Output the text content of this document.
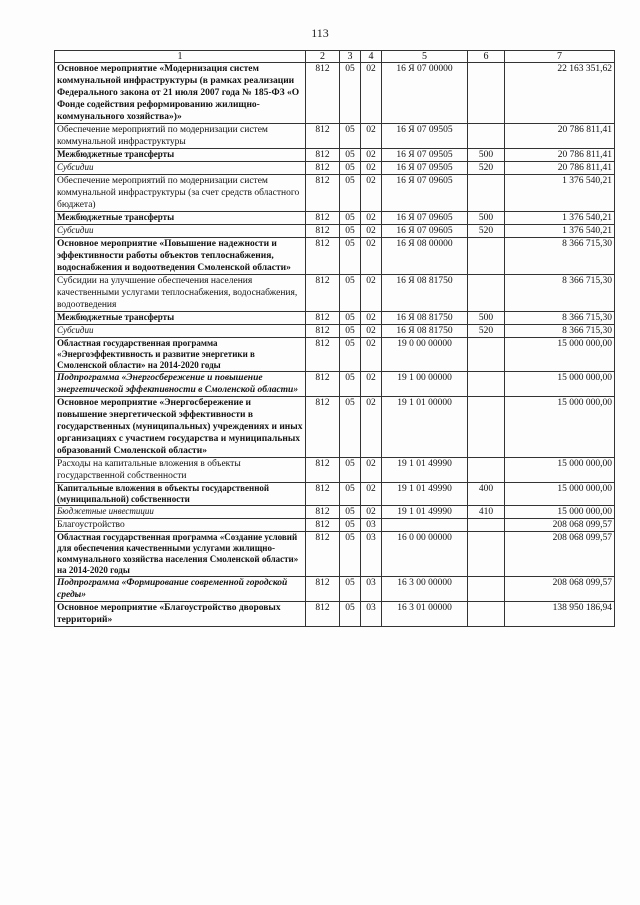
113
1	2	3	4	5	6	7
Основное мероприятие «Модернизация систем коммунальной инфраструктуры (в рамках реализации Федерального закона от 21 июля 2007 года № 185-ФЗ «О Фонде содействия реформированию жилищно-коммунального хозяйства»)»	812	05	02	16 Я 07 00000		22 163 351,62
Обеспечение мероприятий по модернизации систем коммунальной инфраструктуры	812	05	02	16 Я 07 09505		20 786 811,41
Межбюджетные трансферты	812	05	02	16 Я 07 09505	500	20 786 811,41
Субсидии	812	05	02	16 Я 07 09505	520	20 786 811,41
Обеспечение мероприятий по модернизации систем коммунальной инфраструктуры (за счет средств областного бюджета)	812	05	02	16 Я 07 09605		1 376 540,21
Межбюджетные трансферты	812	05	02	16 Я 07 09605	500	1 376 540,21
Субсидии	812	05	02	16 Я 07 09605	520	1 376 540,21
Основное мероприятие «Повышение надежности и эффективности работы объектов теплоснабжения, водоснабжения и водоотведения Смоленской области»	812	05	02	16 Я 08 00000		8 366 715,30
Субсидии на улучшение обеспечения населения качественными услугами теплоснабжения, водоснабжения, водоотведения	812	05	02	16 Я 08 81750		8 366 715,30
Межбюджетные трансферты	812	05	02	16 Я 08 81750	500	8 366 715,30
Субсидии	812	05	02	16 Я 08 81750	520	8 366 715,30
Областная государственная программа «Энергоэффективность и развитие энергетики в Смоленской области» на 2014-2020 годы	812	05	02	19 0 00 00000		15 000 000,00
Подпрограмма «Энергосбережение и повышение энергетической эффективности в Смоленской области»	812	05	02	19 1 00 00000		15 000 000,00
Основное мероприятие «Энергосбережение и повышение энергетической эффективности в государственных (муниципальных) учреждениях и иных организациях с участием государства и муниципальных образований Смоленской области»	812	05	02	19 1 01 00000		15 000 000,00
Расходы на капитальные вложения в объекты государственной собственности	812	05	02	19 1 01 49990		15 000 000,00
Капитальные вложения в объекты государственной (муниципальной) собственности	812	05	02	19 1 01 49990	400	15 000 000,00
Бюджетные инвестиции	812	05	02	19 1 01 49990	410	15 000 000,00
Благоустройство	812	05	03			208 068 099,57
Областная государственная программа «Создание условий для обеспечения качественными услугами жилищно-коммунального хозяйства населения Смоленской области» на 2014-2020 годы	812	05	03	16 0 00 00000		208 068 099,57
Подпрограмма «Формирование современной городской среды»	812	05	03	16 3 00 00000		208 068 099,57
Основное мероприятие «Благоустройство дворовых территорий»	812	05	03	16 3 01 00000		138 950 186,94
